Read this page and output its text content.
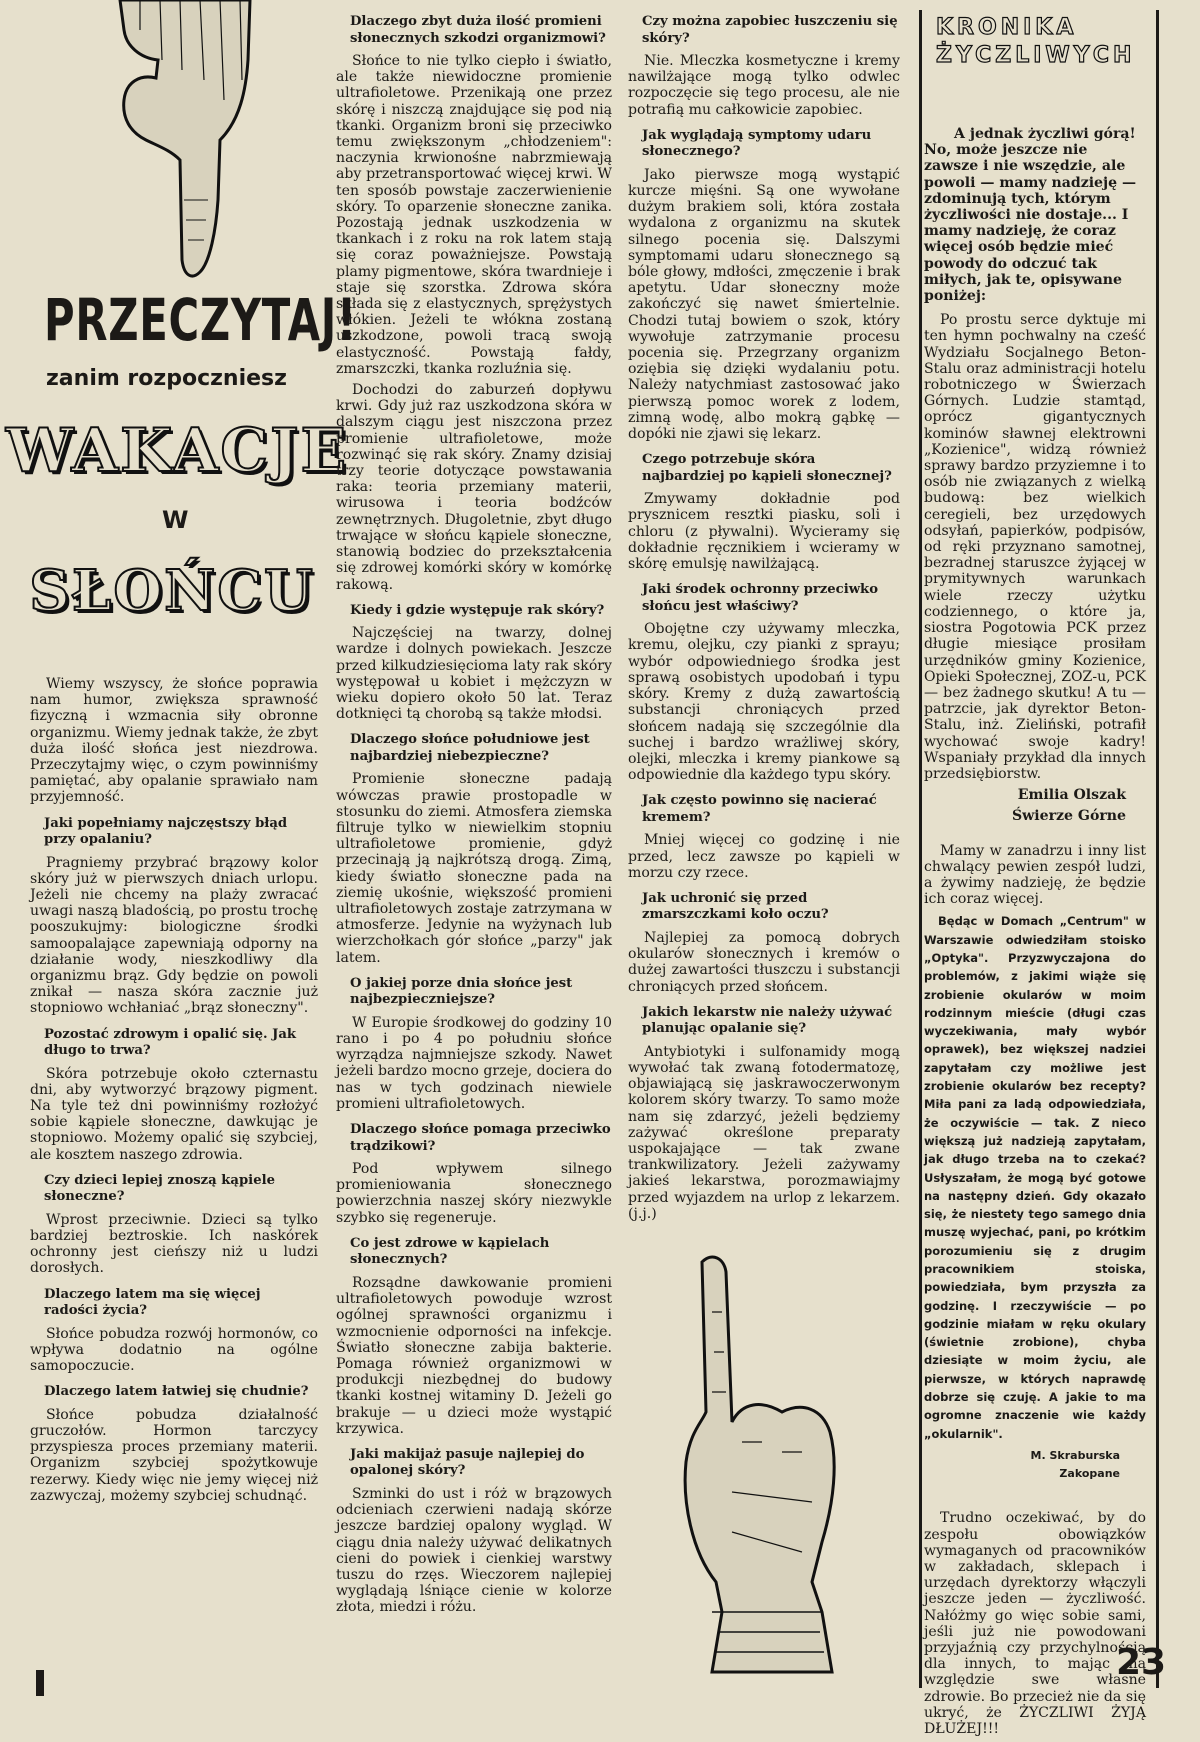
PRZECZYTAJ!
zanim rozpoczniesz
WAKACJE
W
SŁOŃCU

Wiemy wszyscy, że słońce poprawia nam humor, zwiększa sprawność fizyczną i wzmacnia siły obronne organizmu. Wiemy jednak także, że zbyt duża ilość słońca jest niezdrowa. Przeczytajmy więc, o czym powinniśmy pamiętać, aby opalanie sprawiało nam przyjemność.

Jaki popełniamy najczęstszy błąd przy opalaniu?

Pragniemy przybrać brązowy kolor skóry już w pierwszych dniach urlopu. Jeżeli nie chcemy na plaży zwracać uwagi naszą bladością, po prostu trochę pooszukujmy: biologiczne środki samoopalające zapewniają odporny na działanie wody, nieszkodliwy dla organizmu brąz. Gdy będzie on powoli znikał — nasza skóra zacznie już stopniowo wchłaniać „brąz słoneczny".

Pozostać zdrowym i opalić się. Jak długo to trwa?

Skóra potrzebuje około czternastu dni, aby wytworzyć brązowy pigment. Na tyle też dni powinniśmy rozłożyć sobie kąpiele słoneczne, dawkując je stopniowo. Możemy opalić się szybciej, ale kosztem naszego zdrowia.

Czy dzieci lepiej znoszą kąpiele słoneczne?

Wprost przeciwnie. Dzieci są tylko bardziej beztroskie. Ich naskórek ochronny jest cieńszy niż u ludzi dorosłych.

Dlaczego latem ma się więcej radości życia?

Słońce pobudza rozwój hormonów, co wpływa dodatnio na ogólne samopoczucie.

Dlaczego latem łatwiej się chudnie?

Słońce pobudza działalność gruczołów. Hormon tarczycy przyspiesza proces przemiany materii. Organizm szybciej spożytkowuje rezerwy. Kiedy więc nie jemy więcej niż zazwyczaj, możemy szybciej schudnąć.

Dlaczego zbyt duża ilość promieni słonecznych szkodzi organizmowi?

Słońce to nie tylko ciepło i światło, ale także niewidoczne promienie ultrafioletowe. Przenikają one przez skórę i niszczą znajdujące się pod nią tkanki. Organizm broni się przeciwko temu zwiększonym „chłodzeniem": naczynia krwionośne nabrzmiewają aby przetransportować więcej krwi. W ten sposób powstaje zaczerwienienie skóry. To oparzenie słoneczne zanika. Pozostają jednak uszkodzenia w tkankach i z roku na rok latem stają się coraz poważniejsze. Powstają plamy pigmentowe, skóra twardnieje i staje się szorstka. Zdrowa skóra składa się z elastycznych, sprężystych włókien. Jeżeli te włókna zostaną uszkodzone, powoli tracą swoją elastyczność. Powstają fałdy, zmarszczki, tkanka rozluźnia się.

Dochodzi do zaburzeń dopływu krwi. Gdy już raz uszkodzona skóra w dalszym ciągu jest niszczona przez promienie ultrafioletowe, może rozwinąć się rak skóry. Znamy dzisiaj trzy teorie dotyczące powstawania raka: teoria przemiany materii, wirusowa i teoria bodźców zewnętrznych. Długoletnie, zbyt długo trwające w słońcu kąpiele słoneczne, stanowią bodziec do przekształcenia się zdrowej komórki skóry w komórkę rakową.

Kiedy i gdzie występuje rak skóry?

Najczęściej na twarzy, dolnej wardze i dolnych powiekach. Jeszcze przed kilkudziesięcioma laty rak skóry występował u kobiet i mężczyzn w wieku dopiero około 50 lat. Teraz dotknięci tą chorobą są także młodsi.

Dlaczego słońce południowe jest najbardziej niebezpieczne?

Promienie słoneczne padają wówczas prawie prostopadle w stosunku do ziemi. Atmosfera ziemska filtruje tylko w niewielkim stopniu ultrafioletowe promienie, gdyż przecinają ją najkrótszą drogą. Zimą, kiedy światło słoneczne pada na ziemię ukośnie, większość promieni ultrafioletowych zostaje zatrzymana w atmosferze. Jedynie na wyżynach lub wierzchołkach gór słońce „parzy" jak latem.

O jakiej porze dnia słońce jest najbezpieczniejsze?

W Europie środkowej do godziny 10 rano i po 4 po południu słońce wyrządza najmniejsze szkody. Nawet jeżeli bardzo mocno grzeje, dociera do nas w tych godzinach niewiele promieni ultrafioletowych.

Dlaczego słońce pomaga przeciwko trądzikowi?

Pod wpływem silnego promieniowania słonecznego powierzchnia naszej skóry niezwykle szybko się regeneruje.

Co jest zdrowe w kąpielach słonecznych?

Rozsądne dawkowanie promieni ultrafioletowych powoduje wzrost ogólnej sprawności organizmu i wzmocnienie odporności na infekcje. Światło słoneczne zabija bakterie. Pomaga również organizmowi w produkcji niezbędnej do budowy tkanki kostnej witaminy D. Jeżeli go brakuje — u dzieci może wystąpić krzywica.

Jaki makijaż pasuje najlepiej do opalonej skóry?

Szminki do ust i róż w brązowych odcieniach czerwieni nadają skórze jeszcze bardziej opalony wygląd. W ciągu dnia należy używać delikatnych cieni do powiek i cienkiej warstwy tuszu do rzęs. Wieczorem najlepiej wyglądają lśniące cienie w kolorze złota, miedzi i różu.

Czy można zapobiec łuszczeniu się skóry?

Nie. Mleczka kosmetyczne i kremy nawilżające mogą tylko odwlec rozpoczęcie się tego procesu, ale nie potrafią mu całkowicie zapobiec.

Jak wyglądają symptomy udaru słonecznego?

Jako pierwsze mogą wystąpić kurcze mięśni. Są one wywołane dużym brakiem soli, która została wydalona z organizmu na skutek silnego pocenia się. Dalszymi symptomami udaru słonecznego są bóle głowy, mdłości, zmęczenie i brak apetytu. Udar słoneczny może zakończyć się nawet śmiertelnie. Chodzi tutaj bowiem o szok, który wywołuje zatrzymanie procesu pocenia się. Przegrzany organizm oziębia się dzięki wydalaniu potu. Należy natychmiast zastosować jako pierwszą pomoc worek z lodem, zimną wodę, albo mokrą gąbkę — dopóki nie zjawi się lekarz.

Czego potrzebuje skóra najbardziej po kąpieli słonecznej?

Zmywamy dokładnie pod prysznicem resztki piasku, soli i chloru (z pływalni). Wycieramy się dokładnie ręcznikiem i wcieramy w skórę emulsję nawilżającą.

Jaki środek ochronny przeciwko słońcu jest właściwy?

Obojętne czy używamy mleczka, kremu, olejku, czy pianki z sprayu; wybór odpowiedniego środka jest sprawą osobistych upodobań i typu skóry. Kremy z dużą zawartością substancji chroniących przed słońcem nadają się szczególnie dla suchej i bardzo wrażliwej skóry, olejki, mleczka i kremy piankowe są odpowiednie dla każdego typu skóry.

Jak często powinno się nacierać kremem?

Mniej więcej co godzinę i nie przed, lecz zawsze po kąpieli w morzu czy rzece.

Jak uchronić się przed zmarszczkami koło oczu?

Najlepiej za pomocą dobrych okularów słonecznych i kremów o dużej zawartości tłuszczu i substancji chroniących przed słońcem.

Jakich lekarstw nie należy używać planując opalanie się?

Antybiotyki i sulfonamidy mogą wywołać tak zwaną fotodermatozę, objawiającą się jaskrawoczerwonym kolorem skóry twarzy. To samo może nam się zdarzyć, jeżeli będziemy zażywać określone preparaty uspokajające — tak zwane trankwilizatory. Jeżeli zażywamy jakieś lekarstwa, porozmawiajmy przed wyjazdem na urlop z lekarzem. (j.j.)

KRONIKA
ŻYCZLIWYCH

A jednak życzliwi górą! No, może jeszcze nie zawsze i nie wszędzie, ale powoli — mamy nadzieję — zdominują tych, którym życzliwości nie dostaje... I mamy nadzieję, że coraz więcej osób będzie mieć powody do odczuć tak miłych, jak te, opisywane poniżej:

Po prostu serce dyktuje mi ten hymn pochwalny na cześć Wydziału Socjalnego Beton-Stalu oraz administracji hotelu robotniczego w Świerzach Górnych. Ludzie stamtąd, oprócz gigantycznych kominów sławnej elektrowni „Kozienice", widzą również sprawy bardzo przyziemne i to osób nie związanych z wielką budową: bez wielkich ceregieli, bez urzędowych odsyłań, papierków, podpisów, od ręki przyznano samotnej, bezradnej staruszce żyjącej w prymitywnych warunkach wiele rzeczy użytku codziennego, o które ja, siostra Pogotowia PCK przez długie miesiące prosiłam urzędników gminy Kozienice, Opieki Społecznej, ZOZ-u, PCK — bez żadnego skutku! A tu — patrzcie, jak dyrektor Beton-Stalu, inż. Zieliński, potrafił wychować swoje kadry! Wspaniały przykład dla innych przedsiębiorstw.

Emilia Olszak

Świerze Górne

Mamy w zanadrzu i inny list chwalący pewien zespół ludzi, a żywimy nadzieję, że będzie ich coraz więcej.

Będąc w Domach „Centrum" w Warszawie odwiedziłam stoisko „Optyka". Przyzwyczajona do problemów, z jakimi wiąże się zrobienie okularów w moim rodzinnym mieście (długi czas wyczekiwania, mały wybór oprawek), bez większej nadziei zapytałam czy możliwe jest zrobienie okularów bez recepty? Miła pani za ladą odpowiedziała, że oczywiście — tak. Z nieco większą już nadzieją zapytałam, jak długo trzeba na to czekać? Usłyszałam, że mogą być gotowe na następny dzień. Gdy okazało się, że niestety tego samego dnia muszę wyjechać, pani, po krótkim porozumieniu się z drugim pracownikiem stoiska, powiedziała, bym przyszła za godzinę. I rzeczywiście — po godzinie miałam w ręku okulary (świetnie zrobione), chyba dziesiąte w moim życiu, ale pierwsze, w których naprawdę dobrze się czuję. A jakie to ma ogromne znaczenie wie każdy „okularnik".

M. Skraburska

Zakopane

Trudno oczekiwać, by do zespołu obowiązków wymaganych od pracowników w zakładach, sklepach i urzędach dyrektorzy włączyli jeszcze jeden — życzliwość. Nałóżmy go więc sobie sami, jeśli już nie powodowani przyjaźnią czy przychylnością dla innych, to mając na względzie swe własne zdrowie. Bo przecież nie da się ukryć, że ŻYCZLIWI ŻYJĄ DŁUŻEJ!!!

23
